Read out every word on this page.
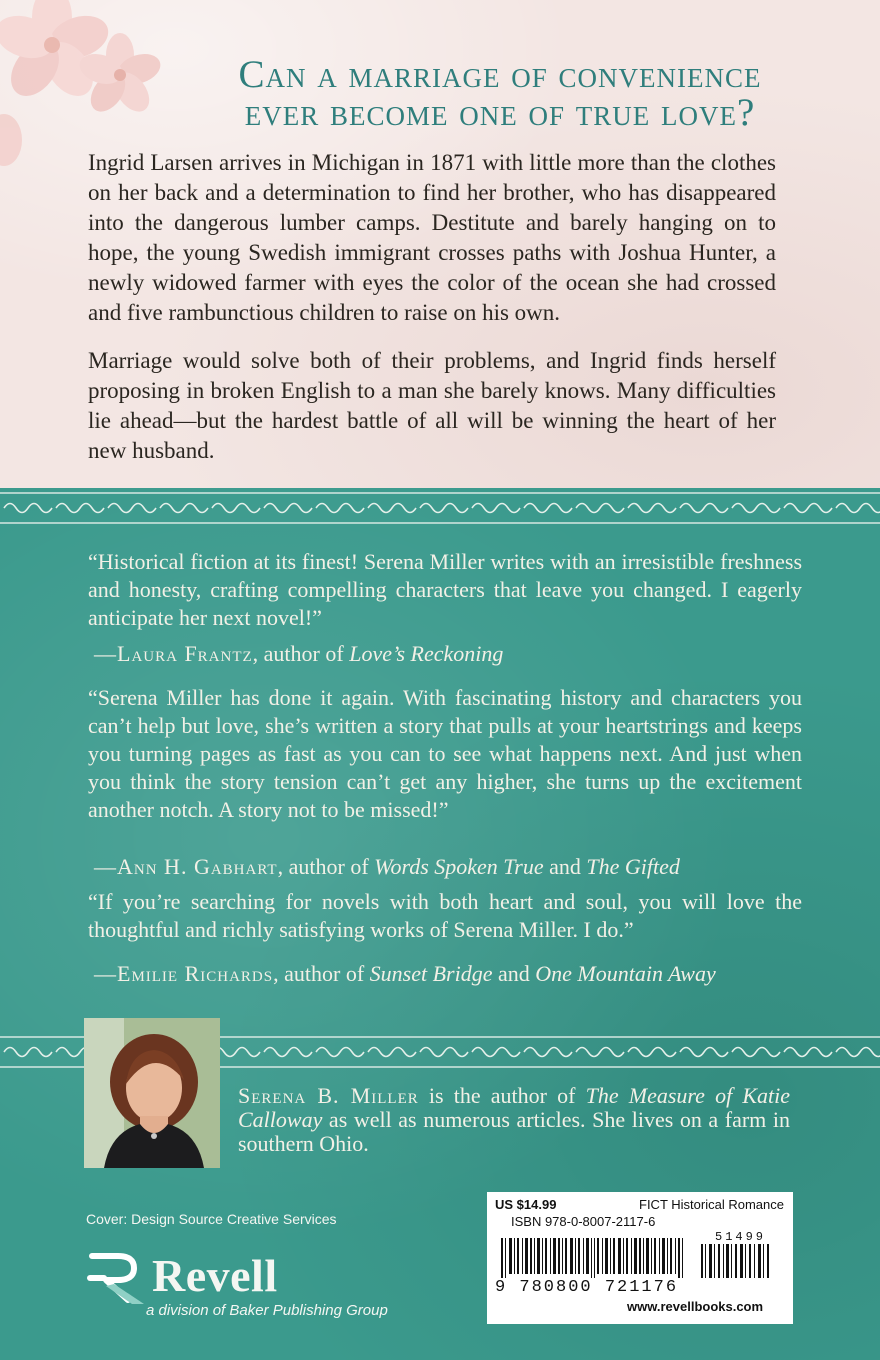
Can a marriage of convenience
ever become one of true love?
Ingrid Larsen arrives in Michigan in 1871 with little more than the clothes on her back and a determination to find her brother, who has disappeared into the dangerous lumber camps. Destitute and barely hanging on to hope, the young Swedish immigrant crosses paths with Joshua Hunter, a newly widowed farmer with eyes the color of the ocean she had crossed and five rambunctious children to raise on his own.
Marriage would solve both of their problems, and Ingrid finds herself proposing in broken English to a man she barely knows. Many difficulties lie ahead—but the hardest battle of all will be winning the heart of her new husband.
“Historical fiction at its finest! Serena Miller writes with an irresistible freshness and honesty, crafting compelling characters that leave you changed. I eagerly anticipate her next novel!”
—Laura Frantz, author of Love’s Reckoning
“Serena Miller has done it again. With fascinating history and characters you can’t help but love, she’s written a story that pulls at your heartstrings and keeps you turning pages as fast as you can to see what happens next. And just when you think the story tension can’t get any higher, she turns up the excitement another notch. A story not to be missed!”
—Ann H. Gabhart, author of Words Spoken True and The Gifted
“If you’re searching for novels with both heart and soul, you will love the thoughtful and richly satisfying works of Serena Miller. I do.”
—Emilie Richards, author of Sunset Bridge and One Mountain Away
Serena B. Miller is the author of The Measure of Katie Calloway as well as numerous articles. She lives on a farm in southern Ohio.
Cover: Design Source Creative Services
Revell
a division of Baker Publishing Group
US $14.99	FICT Historical Romance
ISBN 978-0-8007-2117-6
51499
9 780800 721176
www.revellbooks.com
